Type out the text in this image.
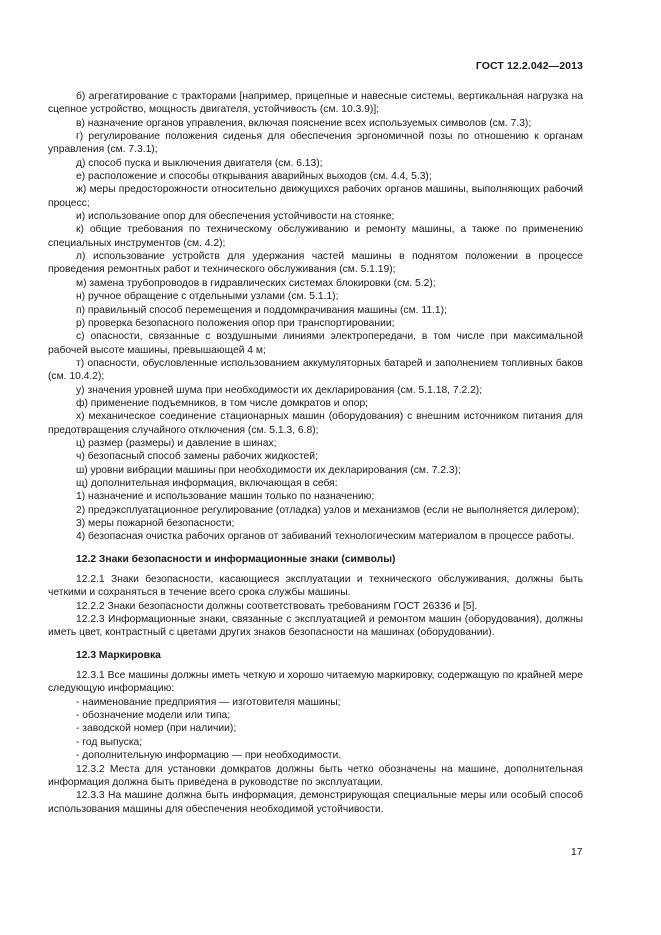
ГОСТ 12.2.042—2013

б) агрегатирование с тракторами [например, прицепные и навесные системы, вертикальная нагрузка на сцепное устройство, мощность двигателя, устойчивость (см. 10.3.9)];

в) назначение органов управления, включая пояснение всех используемых символов (см. 7.3);

г) регулирование положения сиденья для обеспечения эргономичной позы по отношению к органам управления (см. 7.3.1);

д) способ пуска и выключения двигателя (см. 6.13);

е) расположение и способы открывания аварийных выходов (см. 4.4, 5.3);

ж) меры предосторожности относительно движущихся рабочих органов машины, выполняющих рабочий процесс;

и) использование опор для обеспечения устойчивости на стоянке;

к) общие требования по техническому обслуживанию и ремонту машины, а также по применению специальных инструментов (см. 4.2);

л) использование устройств для удержания частей машины в поднятом положении в процессе проведения ремонтных работ и технического обслуживания (см. 5.1.19);

м) замена трубопроводов в гидравлических системах блокировки (см. 5.2);

н) ручное обращение с отдельными узлами (см. 5.1.1);

п) правильный способ перемещения и поддомкрачивания машины (см. 11.1);

р) проверка безопасного положения опор при транспортировании;

с) опасности, связанные с воздушными линиями электропередачи, в том числе при максимальной рабочей высоте машины, превышающей 4 м;

т) опасности, обусловленные использованием аккумуляторных батарей и заполнением топливных баков (см. 10.4.2);

у) значения уровней шума при необходимости их декларирования (см. 5.1.18, 7.2.2);

ф) применение подъемников, в том числе домкратов и опор;

х) механическое соединение стационарных машин (оборудования) с внешним источником питания для предотвращения случайного отключения (см. 5.1.3, 6.8);

ц) размер (размеры) и давление в шинах;

ч) безопасный способ замены рабочих жидкостей;

ш) уровни вибрации машины при необходимости их декларирования (см. 7.2.3);

щ) дополнительная информация, включающая в себя:

1) назначение и использование машин только по назначению;

2) предэксплуатационное регулирование (отладка) узлов и механизмов (если не выполняется дилером);

3) меры пожарной безопасности;

4) безопасная очистка рабочих органов от забиваний технологическим материалом в процессе работы.

12.2 Знаки безопасности и информационные знаки (символы)

12.2.1 Знаки безопасности, касающиеся эксплуатации и технического обслуживания, должны быть четкими и сохраняться в течение всего срока службы машины.

12.2.2 Знаки безопасности должны соответствовать требованиям ГОСТ 26336 и [5].

12.2.3 Информационные знаки, связанные с эксплуатацией и ремонтом машин (оборудования), должны иметь цвет, контрастный с цветами других знаков безопасности на машинах (оборудовании).

12.3 Маркировка

12.3.1 Все машины должны иметь четкую и хорошо читаемую маркировку, содержащую по крайней мере следующую информацию:

- наименование предприятия — изготовителя машины;

- обозначение модели или типа;

- заводской номер (при наличии);

- год выпуска;

- дополнительную информацию — при необходимости.

12.3.2 Места для установки домкратов должны быть четко обозначены на машине, дополнительная информация должна быть приведена в руководстве по эксплуатации.

12.3.3 На машине должна быть информация, демонстрирующая специальные меры или особый способ использования машины для обеспечения необходимой устойчивости.

17
